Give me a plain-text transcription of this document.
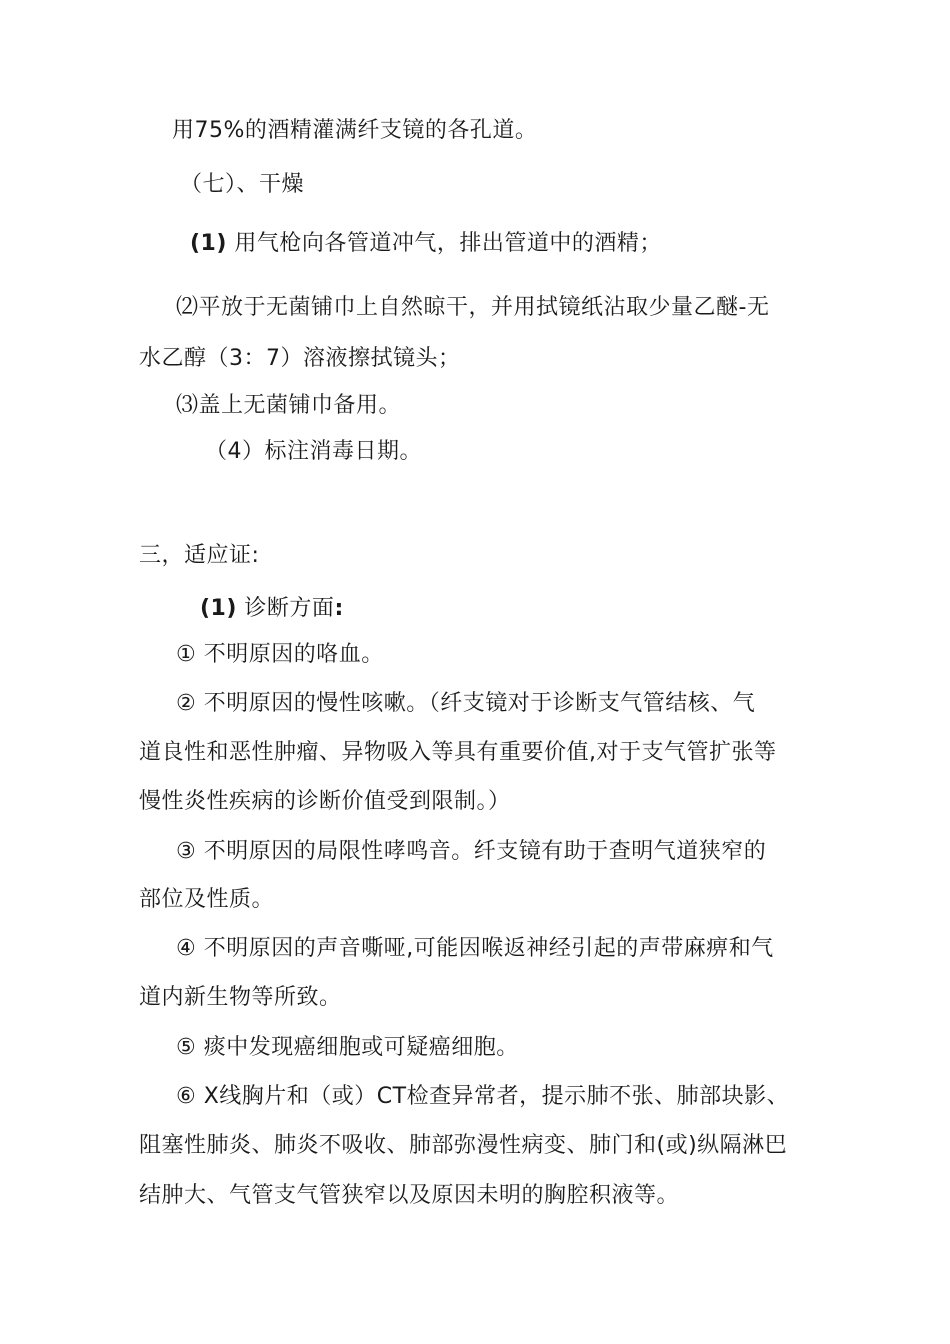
用75%的酒精灌满纤支镜的各孔道。
（七）、干燥
(1) 用气枪向各管道冲气，排出管道中的酒精；
⑵平放于无菌铺巾上自然晾干，并用拭镜纸沾取少量乙醚-无
水乙醇（3：7）溶液擦拭镜头；
⑶盖上无菌铺巾备用。
（4）标注消毒日期。
三，适应证:
(1) 诊断方面:
① 不明原因的咯血。
② 不明原因的慢性咳嗽。（纤支镜对于诊断支气管结核、气
道良性和恶性肿瘤、异物吸入等具有重要价值,对于支气管扩张等
慢性炎性疾病的诊断价值受到限制。）
③ 不明原因的局限性哮鸣音。纤支镜有助于查明气道狭窄的
部位及性质。
④ 不明原因的声音嘶哑,可能因喉返神经引起的声带麻痹和气
道内新生物等所致。
⑤ 痰中发现癌细胞或可疑癌细胞。
⑥ X线胸片和（或）CT检查异常者，提示肺不张、肺部块影、
阻塞性肺炎、肺炎不吸收、肺部弥漫性病变、肺门和(或)纵隔淋巴
结肿大、气管支气管狭窄以及原因未明的胸腔积液等。
